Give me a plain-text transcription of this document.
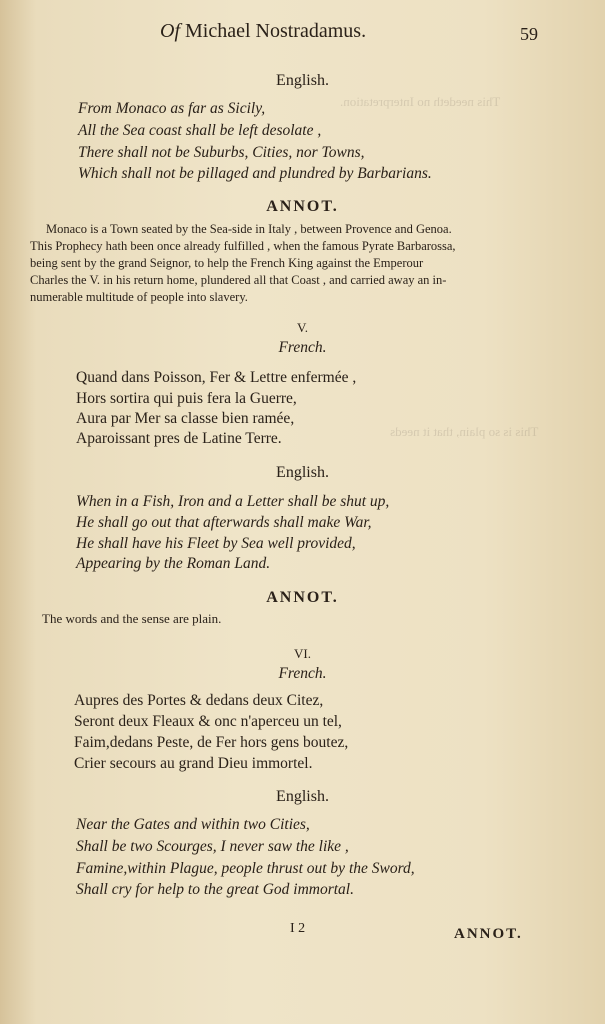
This needeth no Interpretation.
This is so plain, that it needs
Of Michael Nostradamus.	59
English.
From Monaco as far as Sicily,
All the Sea coast shall be left desolate ,
There shall not be Suburbs, Cities, nor Towns,
Which shall not be pillaged and plundred by Barbarians.
ANNOT.
Monaco is a Town seated by the Sea-side in Italy , between Provence and Genoa.
This Prophecy hath been once already fulfilled , when the famous Pyrate Barbarossa,
being sent by the grand Seignor, to help the French King against the Emperour
Charles the V. in his return home, plundered all that Coast , and carried away an in-
numerable multitude of people into slavery.
V.
French.
Quand dans Poisson, Fer & Lettre enfermée ,
Hors sortira qui puis fera la Guerre,
Aura par Mer sa classe bien ramée,
Aparoissant pres de Latine Terre.
English.
When in a Fish, Iron and a Letter shall be shut up,
He shall go out that afterwards shall make War,
He shall have his Fleet by Sea well provided,
Appearing by the Roman Land.
ANNOT.
The words and the sense are plain.
VI.
French.
Aupres des Portes & dedans deux Citez,
Seront deux Fleaux & onc n'aperceu un tel,
Faim,dedans Peste, de Fer hors gens boutez,
Crier secours au grand Dieu immortel.
English.
Near the Gates and within two Cities,
Shall be two Scourges, I never saw the like ,
Famine,within Plague, people thrust out by the Sword,
Shall cry for help to the great God immortal.
I 2	ANNOT.
